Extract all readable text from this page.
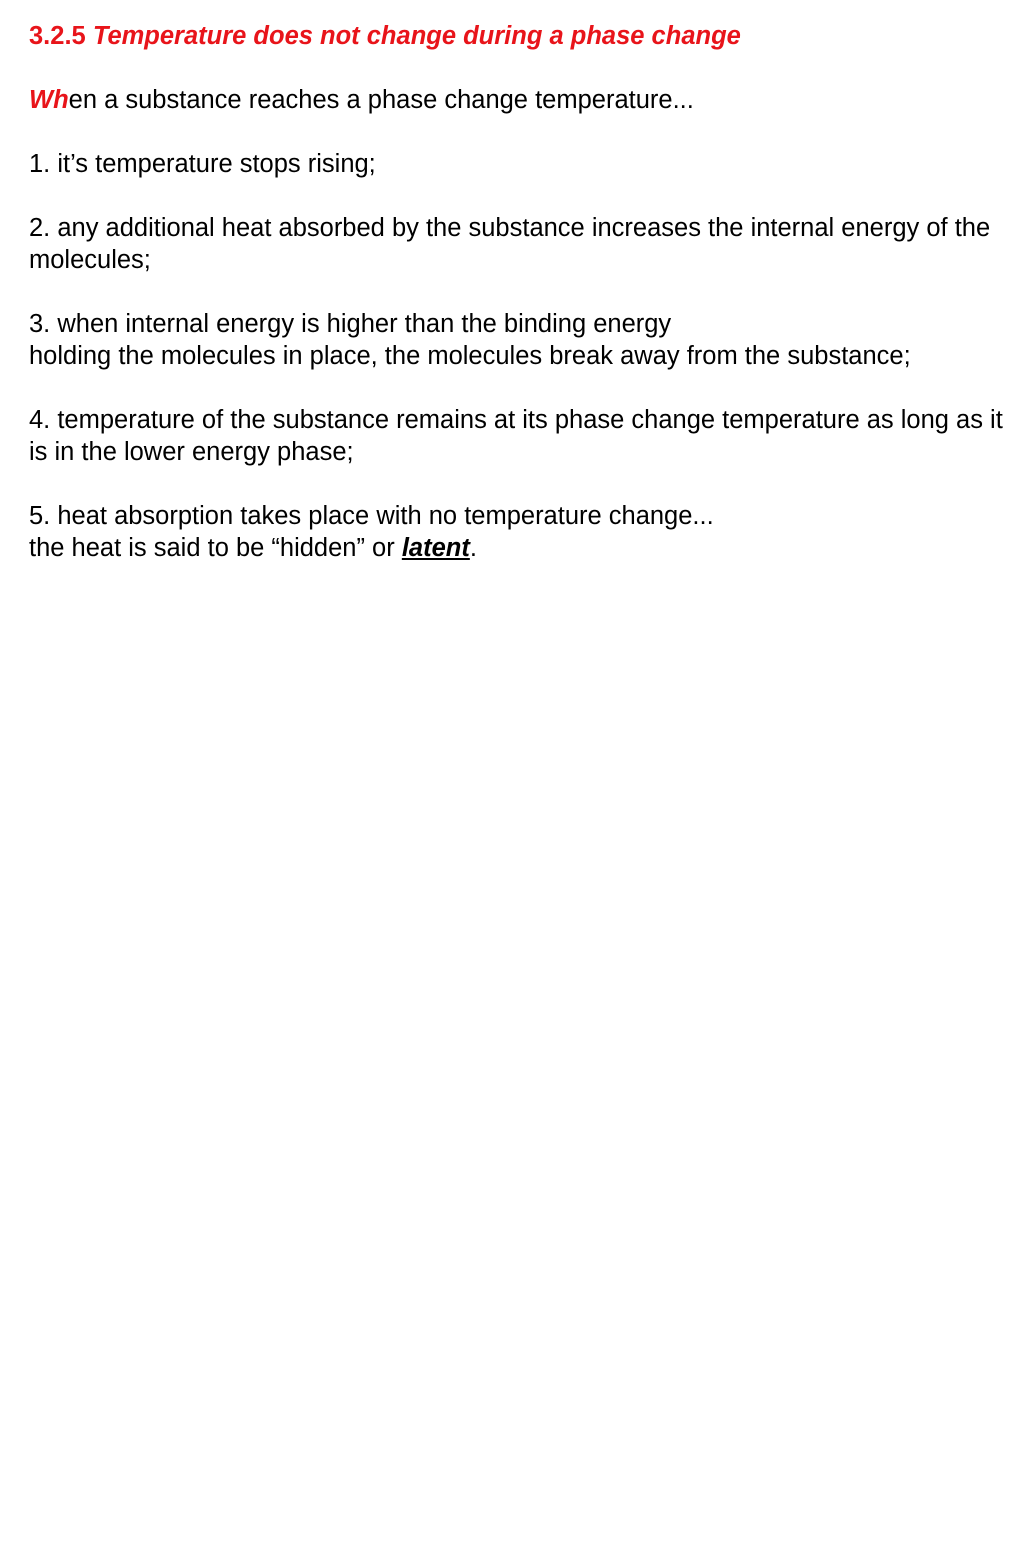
3.2.5 Temperature does not change during a phase change
When a substance reaches a phase change temperature...
1. it’s temperature stops rising;
2. any additional heat absorbed by the substance increases the internal energy of the
molecules;
3. when internal energy is higher than the binding energy
holding the molecules in place, the molecules break away from the substance;
4. temperature of the substance remains at its phase change temperature as long as it
is in the lower energy phase;
5. heat absorption takes place with no temperature change...
the heat is said to be “hidden” or latent.
